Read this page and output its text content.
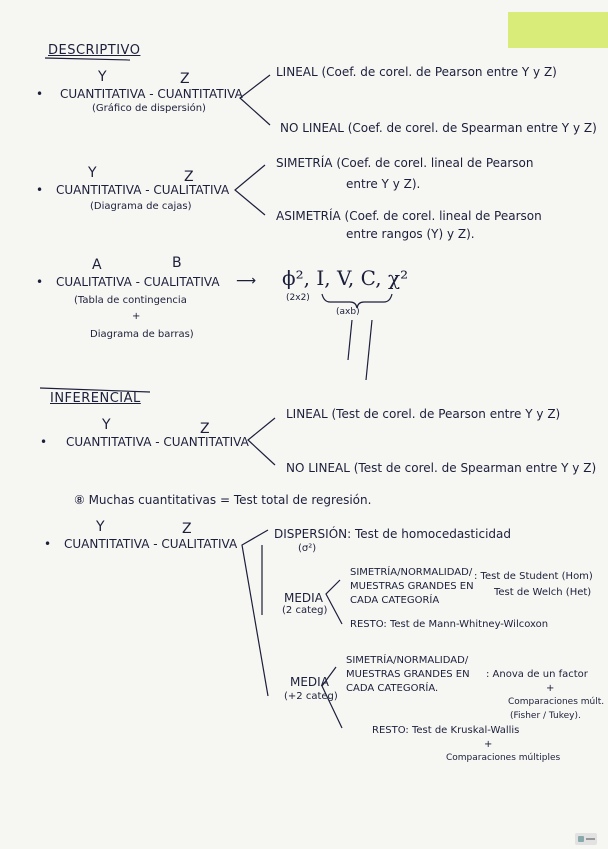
DESCRIPTIVO
Y	Z
• CUANTITATIVA - CUANTITATIVA
(Gráfico de dispersión)
LINEAL (Coef. de corel. de Pearson entre Y y Z)
NO LINEAL (Coef. de corel. de Spearman entre Y y Z)
Y	Z
• CUANTITATIVA - CUALITATIVA
(Diagrama de cajas)
SIMETRÍA (Coef. de corel. lineal de Pearson
entre Y y Z).
ASIMETRÍA (Coef. de corel. lineal de Pearson
entre rangos (Y) y Z).
A	B
• CUALITATIVA - CUALITATIVA
(Tabla de contingencia
+
Diagrama de barras)
⟶ ϕ², I, V, C, χ²
(2x2)
(axb)
INFERENCIAL
Y	Z
• CUANTITATIVA - CUANTITATIVA
LINEAL (Test de corel. de Pearson entre Y y Z)
NO LINEAL (Test de corel. de Spearman entre Y y Z)
⑧ Muchas cuantitativas = Test total de regresión.
Y	Z
• CUANTITATIVA - CUALITATIVA
DISPERSIÓN: Test de homocedasticidad
(σ²)
MEDIA
(2 categ)
SIMETRÍA/NORMALIDAD/
MUESTRAS GRANDES EN
CADA CATEGORÍA
: Test de Student (Hom)
Test de Welch (Het)
RESTO: Test de Mann-Whitney-Wilcoxon
MEDIA
(+2 categ)
SIMETRÍA/NORMALIDAD/
MUESTRAS GRANDES EN
CADA CATEGORÍA.
: Anova de un factor
+
Comparaciones múlt.
(Fisher / Tukey).
RESTO: Test de Kruskal-Wallis
+
Comparaciones múltiples
